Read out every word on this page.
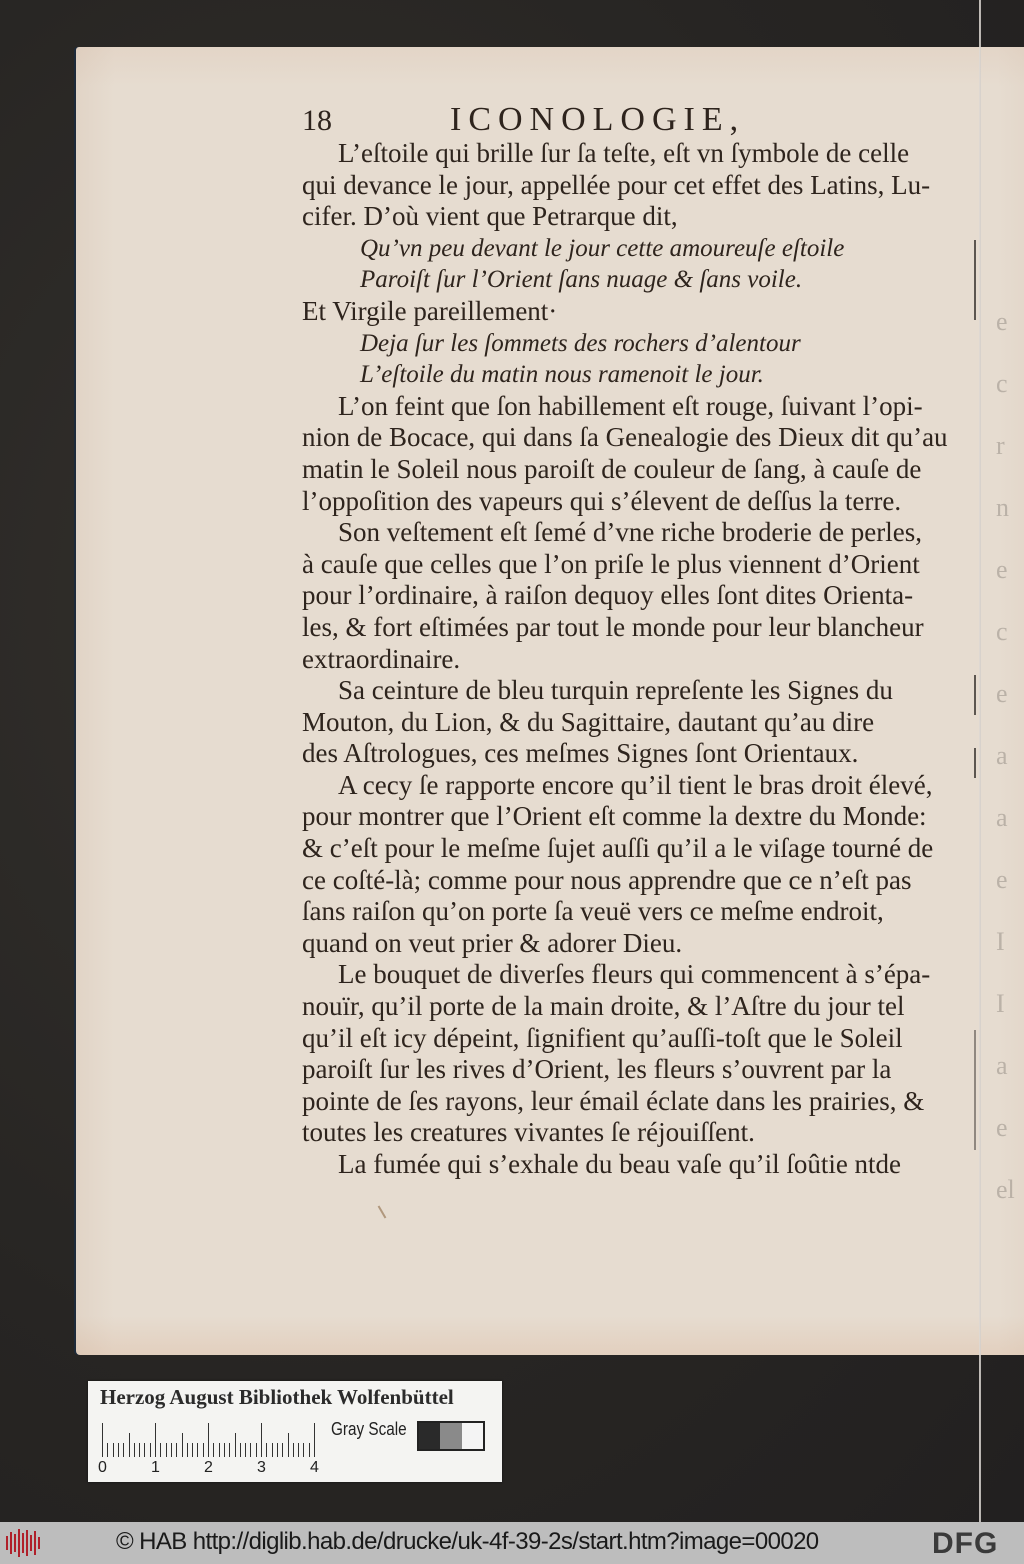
e
c
r
n
e
c
e
a
a
e
I
I
a
e
el
18	ICONOLOGIE,
L’eſtoile qui brille ſur ſa teſte, eſt vn ſymbole de celle
qui devance le jour, appellée pour cet effet des Latins, Lu-
cifer. D’où vient que Petrarque dit,
Qu’vn peu devant le jour cette amoureuſe eſtoile
Paroiſt ſur l’Orient ſans nuage & ſans voile.
Et Virgile pareillement·
Deja ſur les ſommets des rochers d’alentour
L’eſtoile du matin nous ramenoit le jour.
L’on feint que ſon habillement eſt rouge, ſuivant l’opi-
nion de Bocace, qui dans ſa Genealogie des Dieux dit qu’au
matin le Soleil nous paroiſt de couleur de ſang, à cauſe de
l’oppoſition des vapeurs qui s’élevent de deſſus la terre.
Son veſtement eſt ſemé d’vne riche broderie de perles,
à cauſe que celles que l’on priſe le plus viennent d’Orient
pour l’ordinaire, à raiſon dequoy elles ſont dites Orienta-
les, & fort eſtimées par tout le monde pour leur blancheur
extraordinaire.
Sa ceinture de bleu turquin repreſente les Signes du
Mouton, du Lion, & du Sagittaire, dautant qu’au dire
des Aſtrologues, ces meſmes Signes ſont Orientaux.
A cecy ſe rapporte encore qu’il tient le bras droit élevé,
pour montrer que l’Orient eſt comme la dextre du Monde:
& c’eſt pour le meſme ſujet auſſi qu’il a le viſage tourné de
ce coſté-là; comme pour nous apprendre que ce n’eſt pas
ſans raiſon qu’on porte ſa veuë vers ce meſme endroit,
quand on veut prier & adorer Dieu.
Le bouquet de diverſes fleurs qui commencent à s’épa-
nouïr, qu’il porte de la main droite, & l’Aſtre du jour tel
qu’il eſt icy dépeint, ſignifient qu’auſſi-toſt que le Soleil
paroiſt ſur les rives d’Orient, les fleurs s’ouvrent par la
pointe de ſes rayons, leur émail éclate dans les prairies, &
toutes les creatures vivantes ſe réjouiſſent.
La fumée qui s’exhale du beau vaſe qu’il ſoûtie ntde
Herzog August Bibliothek Wolfenbüttel
0	1	2	3	4
Gray Scale
© HAB http://diglib.hab.de/drucke/uk-4f-39-2s/start.htm?image=00020	DFG
